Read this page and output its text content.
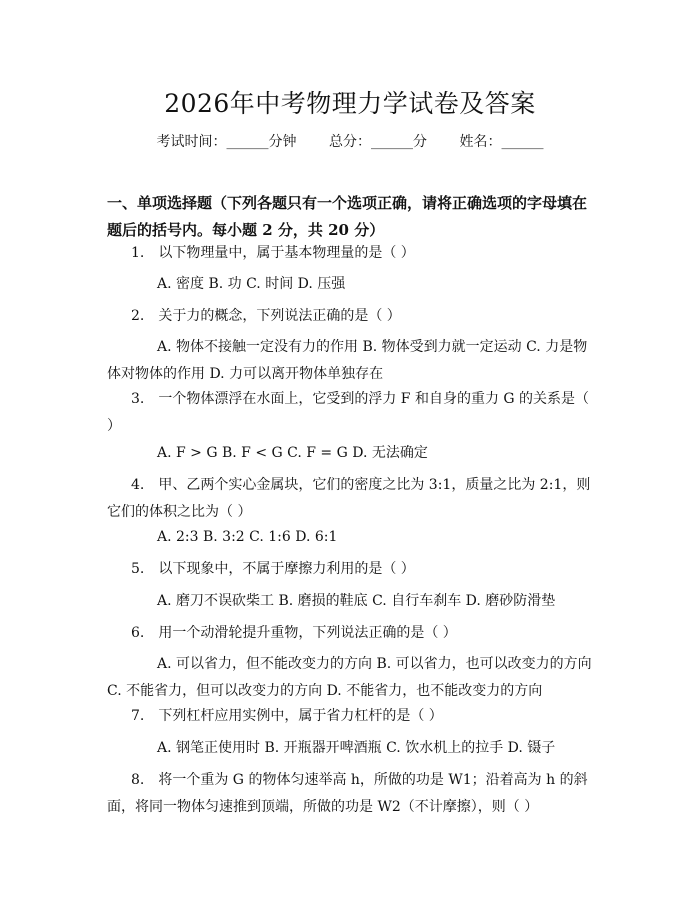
2026年中考物理力学试卷及答案
考试时间：______分钟 总分：______分 姓名：______
一、单项选择题（下列各题只有一个选项正确，请将正确选项的字母填在题后的括号内。每小题 2 分，共 20 分）
1. 以下物理量中，属于基本物理量的是（ ）
A. 密度 B. 功 C. 时间 D. 压强
2. 关于力的概念，下列说法正确的是（ ）
A. 物体不接触一定没有力的作用 B. 物体受到力就一定运动 C. 力是物体对物体的作用 D. 力可以离开物体单独存在
3. 一个物体漂浮在水面上，它受到的浮力 F 和自身的重力 G 的关系是（ ）
A. F > G B. F < G C. F = G D. 无法确定
4. 甲、乙两个实心金属块，它们的密度之比为 3:1，质量之比为 2:1，则它们的体积之比为（ ）
A. 2:3 B. 3:2 C. 1:6 D. 6:1
5. 以下现象中，不属于摩擦力利用的是（ ）
A. 磨刀不误砍柴工 B. 磨损的鞋底 C. 自行车刹车 D. 磨砂防滑垫
6. 用一个动滑轮提升重物，下列说法正确的是（ ）
A. 可以省力，但不能改变力的方向 B. 可以省力，也可以改变力的方向 C. 不能省力，但可以改变力的方向 D. 不能省力，也不能改变力的方向
7. 下列杠杆应用实例中，属于省力杠杆的是（ ）
A. 钢笔正使用时 B. 开瓶器开啤酒瓶 C. 饮水机上的拉手 D. 镊子
8. 将一个重为 G 的物体匀速举高 h，所做的功是 W1；沿着高为 h 的斜面，将同一物体匀速推到顶端，所做的功是 W2（不计摩擦），则（ ）
